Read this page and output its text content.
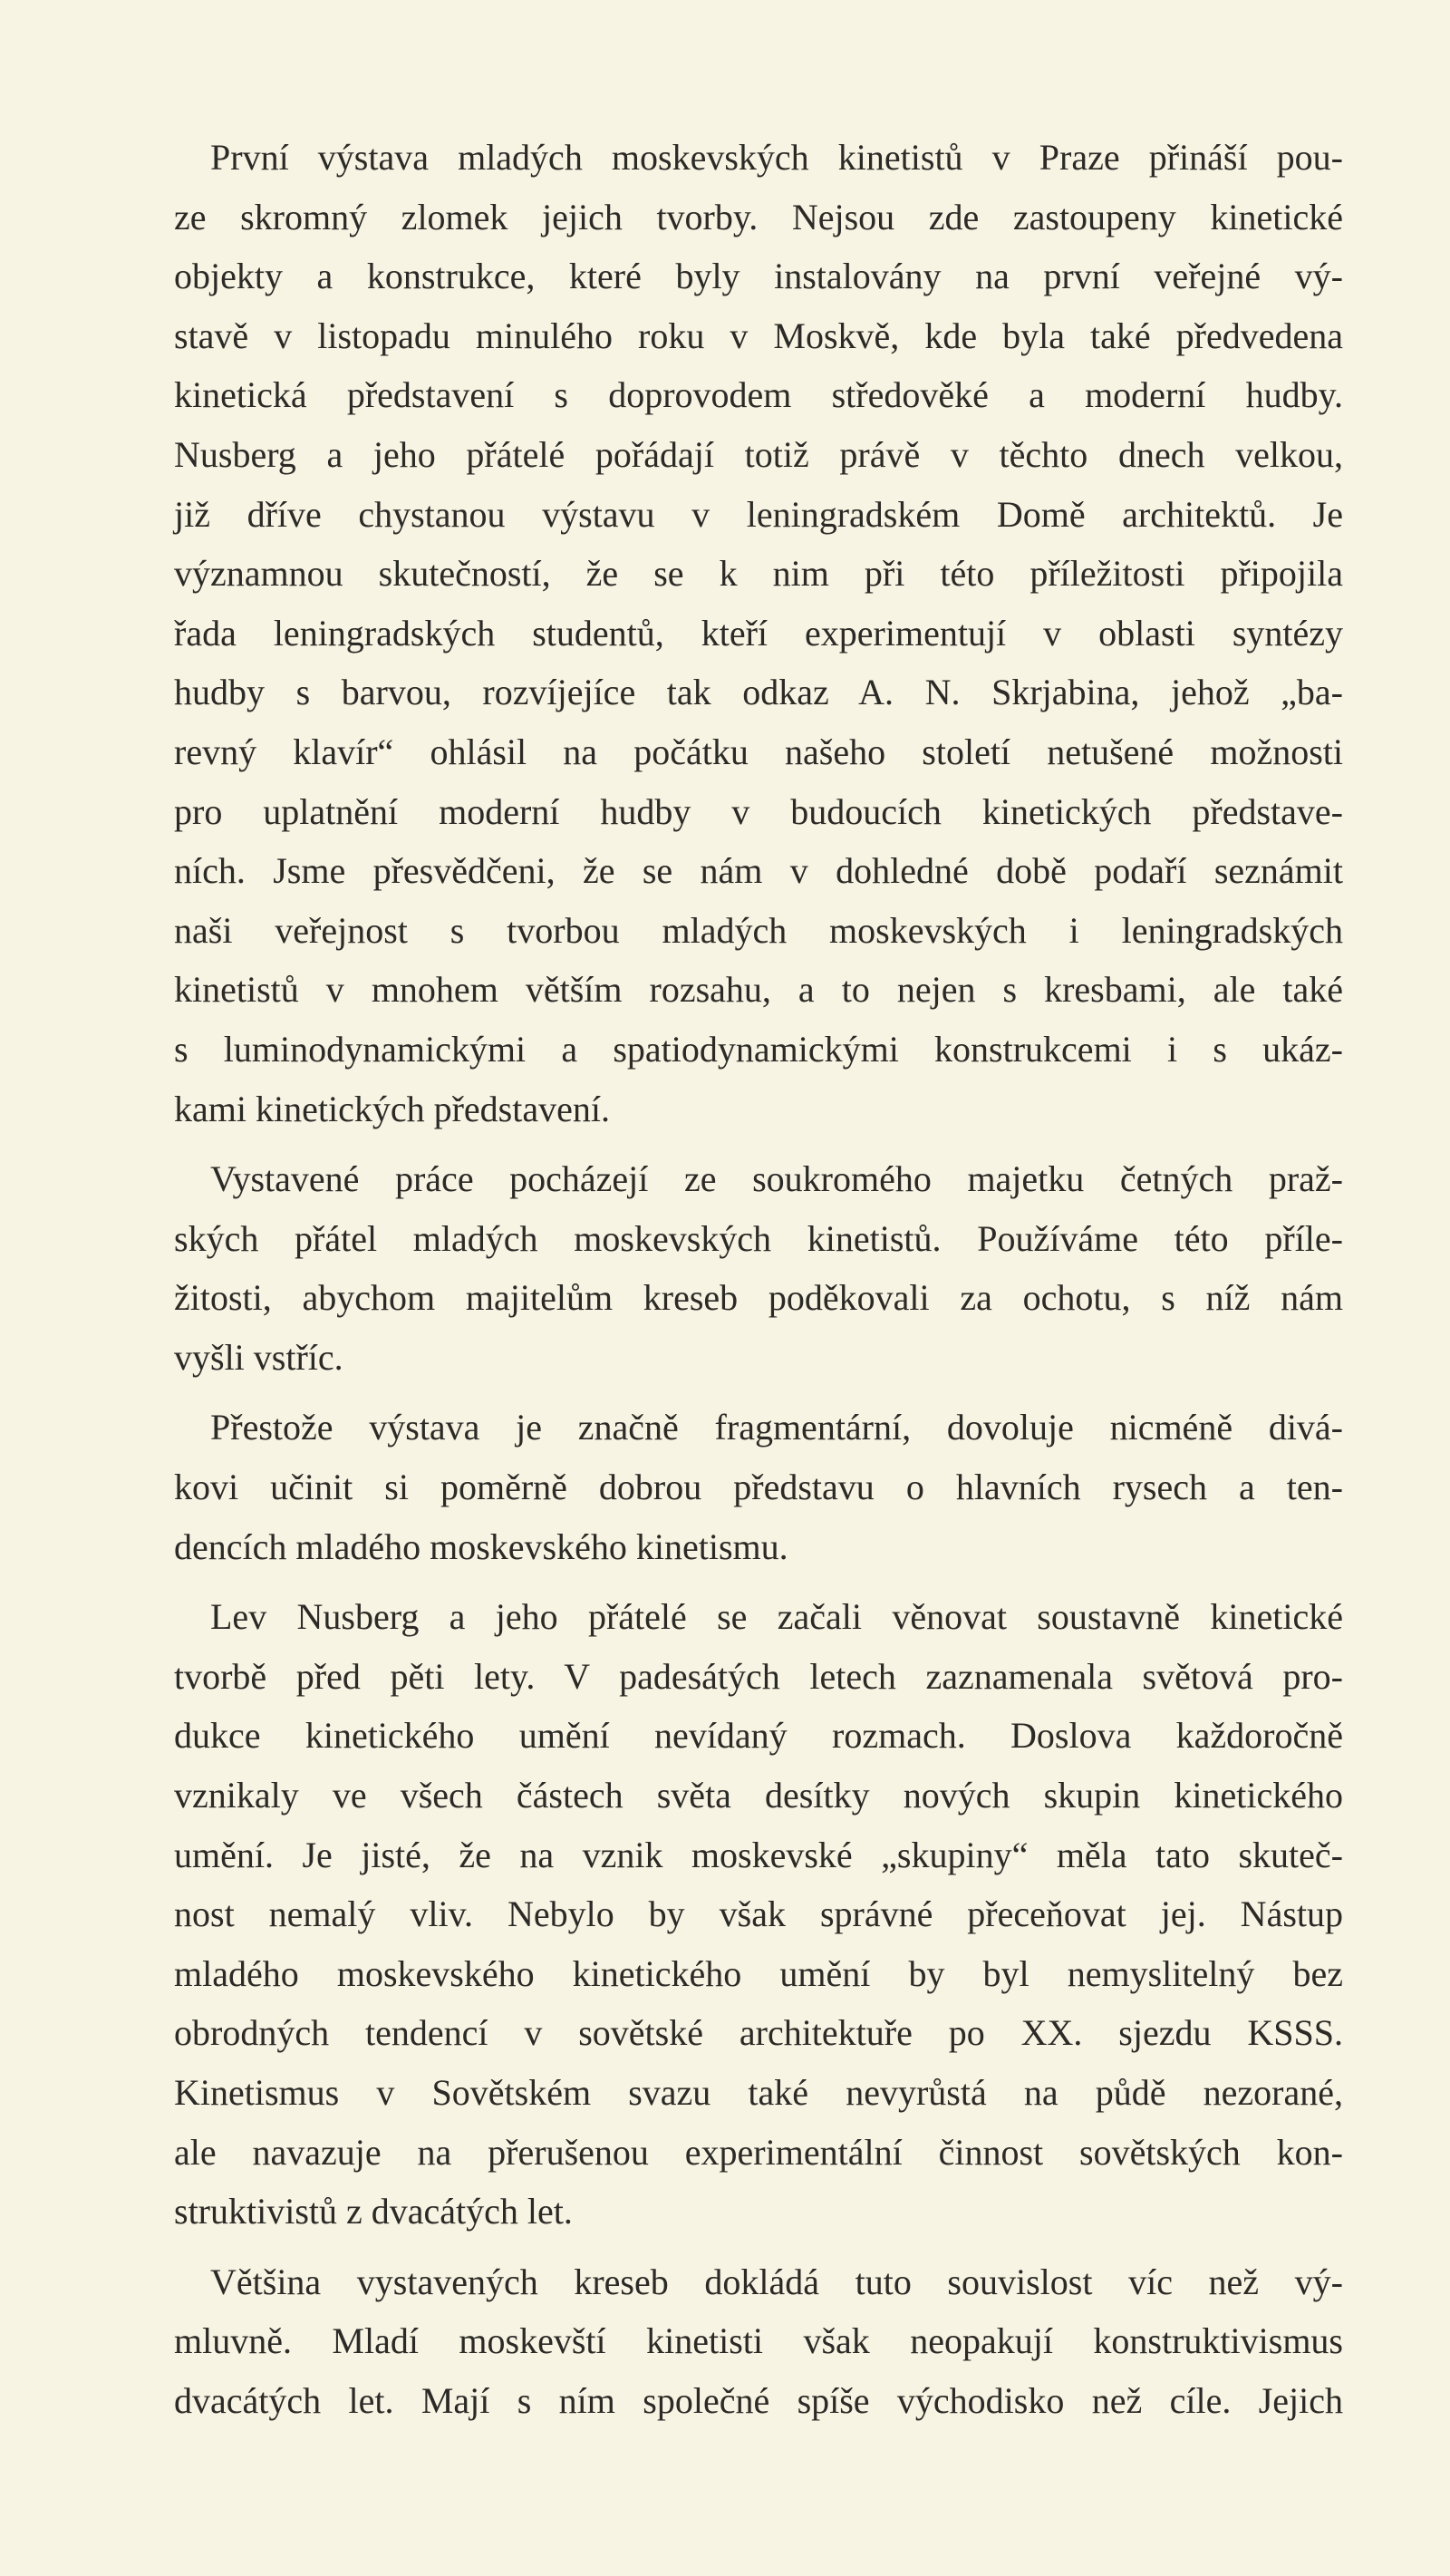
První výstava mladých moskevských kinetistů v Praze přináší pou-
ze skromný zlomek jejich tvorby. Nejsou zde zastoupeny kinetické
objekty a konstrukce, které byly instalovány na první veřejné vý-
stavě v listopadu minulého roku v Moskvě, kde byla také předvedena
kinetická představení s doprovodem středověké a moderní hudby.
Nusberg a jeho přátelé pořádají totiž právě v těchto dnech velkou,
již dříve chystanou výstavu v leningradském Domě architektů. Je
významnou skutečností, že se k nim při této příležitosti připojila
řada leningradských studentů, kteří experimentují v oblasti syntézy
hudby s barvou, rozvíjejíce tak odkaz A. N. Skrjabina, jehož „ba-
revný klavír“ ohlásil na počátku našeho století netušené možnosti
pro uplatnění moderní hudby v budoucích kinetických představe-
ních. Jsme přesvědčeni, že se nám v dohledné době podaří seznámit
naši veřejnost s tvorbou mladých moskevských i leningradských
kinetistů v mnohem větším rozsahu, a to nejen s kresbami, ale také
s luminodynamickými a spatiodynamickými konstrukcemi i s ukáz-
kami kinetických představení.
Vystavené práce pocházejí ze soukromého majetku četných praž-
ských přátel mladých moskevských kinetistů. Používáme této příle-
žitosti, abychom majitelům kreseb poděkovali za ochotu, s níž nám
vyšli vstříc.
Přestože výstava je značně fragmentární, dovoluje nicméně divá-
kovi učinit si poměrně dobrou představu o hlavních rysech a ten-
dencích mladého moskevského kinetismu.
Lev Nusberg a jeho přátelé se začali věnovat soustavně kinetické
tvorbě před pěti lety. V padesátých letech zaznamenala světová pro-
dukce kinetického umění nevídaný rozmach. Doslova každoročně
vznikaly ve všech částech světa desítky nových skupin kinetického
umění. Je jisté, že na vznik moskevské „skupiny“ měla tato skuteč-
nost nemalý vliv. Nebylo by však správné přeceňovat jej. Nástup
mladého moskevského kinetického umění by byl nemyslitelný bez
obrodných tendencí v sovětské architektuře po XX. sjezdu KSSS.
Kinetismus v Sovětském svazu také nevyrůstá na půdě nezorané,
ale navazuje na přerušenou experimentální činnost sovětských kon-
struktivistů z dvacátých let.
Většina vystavených kreseb dokládá tuto souvislost víc než vý-
mluvně. Mladí moskevští kinetisti však neopakují konstruktivismus
dvacátých let. Mají s ním společné spíše východisko než cíle. Jejich
